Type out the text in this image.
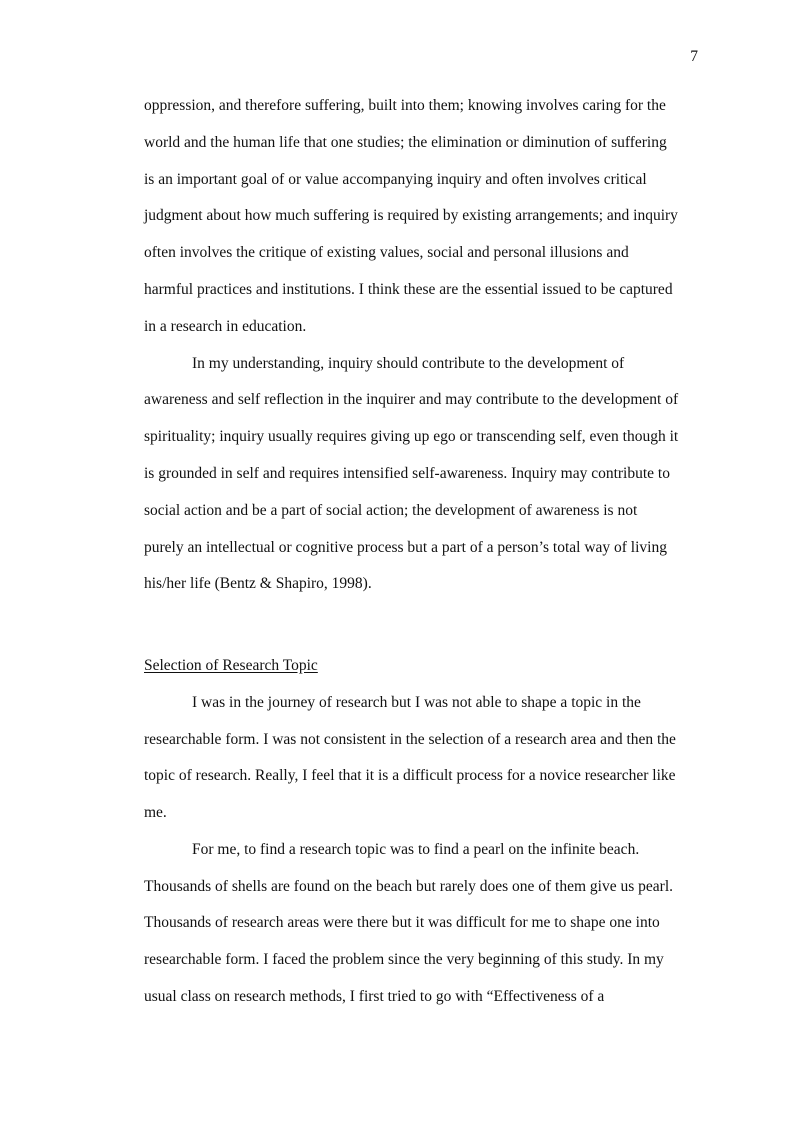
7
oppression, and therefore suffering, built into them; knowing involves caring for the
world and the human life that one studies; the elimination or diminution of suffering
is an important goal of or value accompanying inquiry and often involves critical
judgment about how much suffering is required by existing arrangements; and inquiry
often involves the critique of existing values, social and personal illusions and
harmful practices and institutions. I think these are the essential issued to be captured
in a research in education.
In my understanding, inquiry should contribute to the development of
awareness and self reflection in the inquirer and may contribute to the development of
spirituality; inquiry usually requires giving up ego or transcending self, even though it
is grounded in self and requires intensified self-awareness. Inquiry may contribute to
social action and be a part of social action; the development of awareness is not
purely an intellectual or cognitive process but a part of a person’s total way of living
his/her life (Bentz & Shapiro, 1998).
Selection of Research Topic
I was in the journey of research but I was not able to shape a topic in the
researchable form. I was not consistent in the selection of a research area and then the
topic of research. Really, I feel that it is a difficult process for a novice researcher like
me.
For me, to find a research topic was to find a pearl on the infinite beach.
Thousands of shells are found on the beach but rarely does one of them give us pearl.
Thousands of research areas were there but it was difficult for me to shape one into
researchable form. I faced the problem since the very beginning of this study. In my
usual class on research methods, I first tried to go with “Effectiveness of a
